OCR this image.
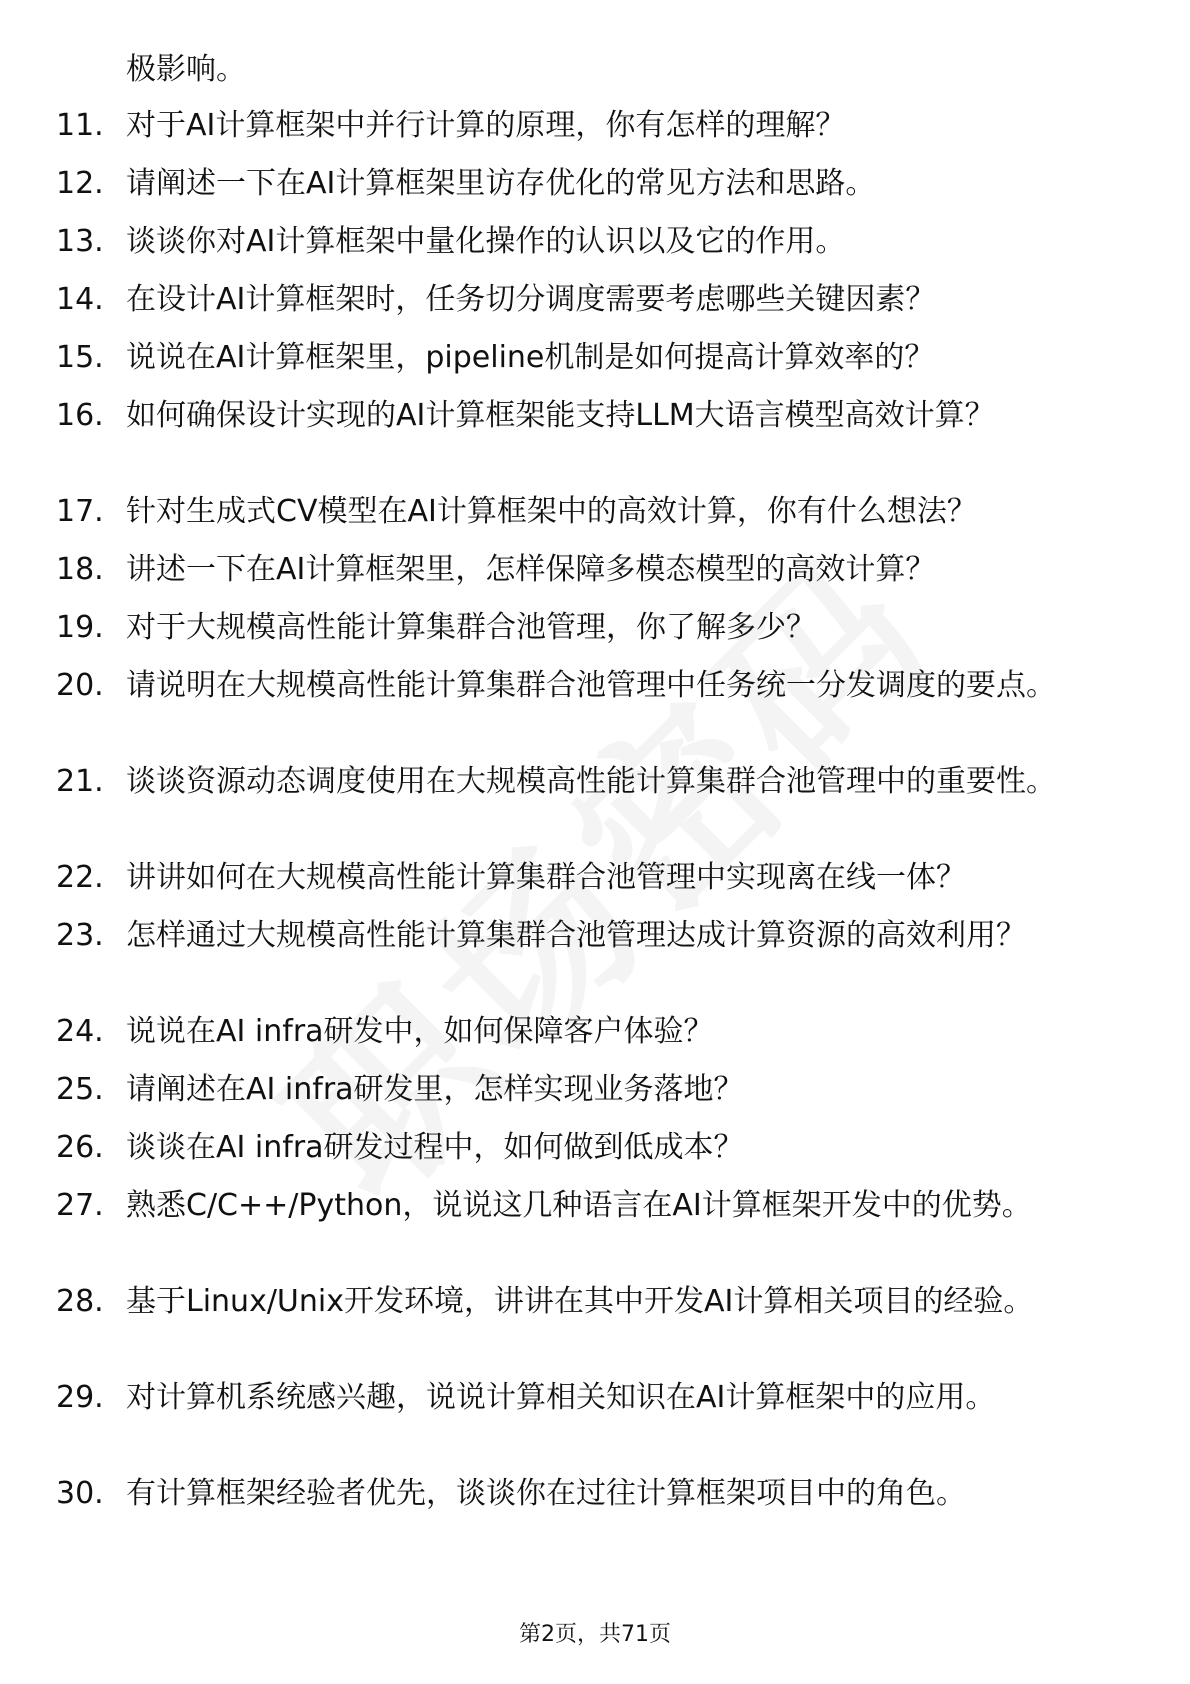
极影响。
11. 对于AI计算框架中并行计算的原理，你有怎样的理解？
12. 请阐述一下在AI计算框架里访存优化的常见方法和思路。
13. 谈谈你对AI计算框架中量化操作的认识以及它的作用。
14. 在设计AI计算框架时，任务切分调度需要考虑哪些关键因素？
15. 说说在AI计算框架里，pipeline机制是如何提高计算效率的？
16. 如何确保设计实现的AI计算框架能支持LLM大语言模型高效计算？
17. 针对生成式CV模型在AI计算框架中的高效计算，你有什么想法？
18. 讲述一下在AI计算框架里，怎样保障多模态模型的高效计算？
19. 对于大规模高性能计算集群合池管理，你了解多少？
20. 请说明在大规模高性能计算集群合池管理中任务统一分发调度的要点。
21. 谈谈资源动态调度使用在大规模高性能计算集群合池管理中的重要性。
22. 讲讲如何在大规模高性能计算集群合池管理中实现离在线一体？
23. 怎样通过大规模高性能计算集群合池管理达成计算资源的高效利用？
24. 说说在AI infra研发中，如何保障客户体验？
25. 请阐述在AI infra研发里，怎样实现业务落地？
26. 谈谈在AI infra研发过程中，如何做到低成本？
27. 熟悉C/C++/Python，说说这几种语言在AI计算框架开发中的优势。
28. 基于Linux/Unix开发环境，讲讲在其中开发AI计算相关项目的经验。
29. 对计算机系统感兴趣，说说计算相关知识在AI计算框架中的应用。
30. 有计算框架经验者优先，谈谈你在过往计算框架项目中的角色。
第2页，共71页
